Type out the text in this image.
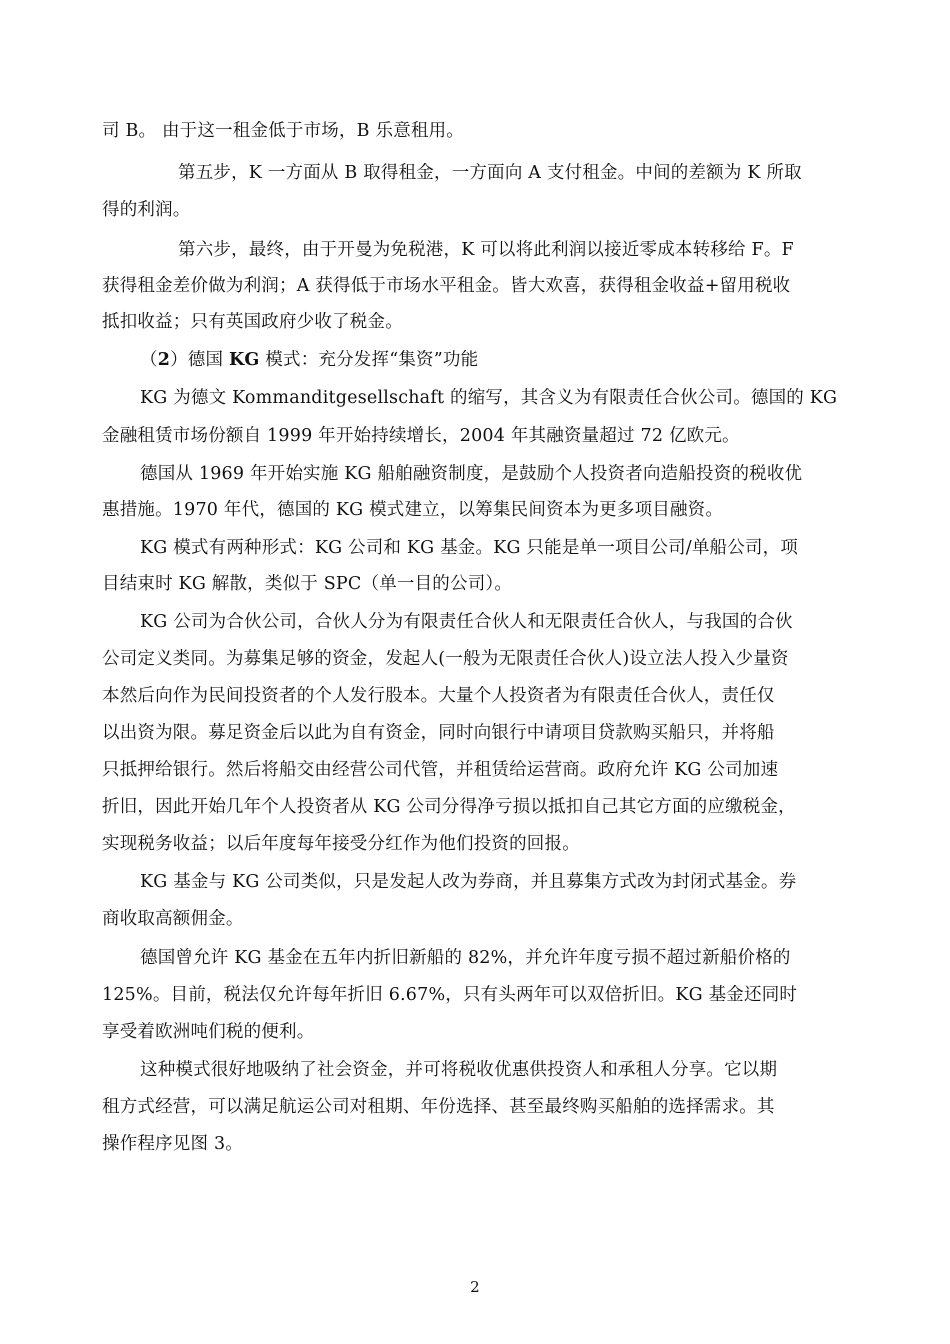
司 B。 由于这一租金低于市场，B 乐意租用。
第五步，K 一方面从 B 取得租金，一方面向 A 支付租金。中间的差额为 K 所取
得的利润。
第六步，最终，由于开曼为免税港，K 可以将此利润以接近零成本转移给 F。F
获得租金差价做为利润；A 获得低于市场水平租金。皆大欢喜，获得租金收益+留用税收
抵扣收益；只有英国政府少收了税金。
（2）德国 KG 模式：充分发挥“集资”功能
KG 为德文 Kommanditgesellschaft 的缩写，其含义为有限责任合伙公司。德国的 KG
金融租赁市场份额自 1999 年开始持续增长，2004 年其融资量超过 72 亿欧元。
德国从 1969 年开始实施 KG 船舶融资制度，是鼓励个人投资者向造船投资的税收优
惠措施。1970 年代，德国的 KG 模式建立，以筹集民间资本为更多项目融资。
KG 模式有两种形式：KG 公司和 KG 基金。KG 只能是单一项目公司/单船公司，项
目结束时 KG 解散，类似于 SPC（单一目的公司）。
KG 公司为合伙公司，合伙人分为有限责任合伙人和无限责任合伙人，与我国的合伙
公司定义类同。为募集足够的资金，发起人(一般为无限责任合伙人)设立法人投入少量资
本然后向作为民间投资者的个人发行股本。大量个人投资者为有限责任合伙人，责任仅
以出资为限。募足资金后以此为自有资金，同时向银行中请项目贷款购买船只，并将船
只抵押给银行。然后将船交由经营公司代管，并租赁给运营商。政府允许 KG 公司加速
折旧，因此开始几年个人投资者从 KG 公司分得净亏损以抵扣自己其它方面的应缴税金，
实现税务收益；以后年度每年接受分红作为他们投资的回报。
KG 基金与 KG 公司类似，只是发起人改为券商，并且募集方式改为封闭式基金。券
商收取高额佣金。
德国曾允许 KG 基金在五年内折旧新船的 82%，并允许年度亏损不超过新船价格的
125%。目前，税法仅允许每年折旧 6.67%，只有头两年可以双倍折旧。KG 基金还同时
享受着欧洲吨们税的便利。
这种模式很好地吸纳了社会资金，并可将税收优惠供投资人和承租人分享。它以期
租方式经营，可以满足航运公司对租期、年份选择、甚至最终购买船舶的选择需求。其
操作程序见图 3。
2
